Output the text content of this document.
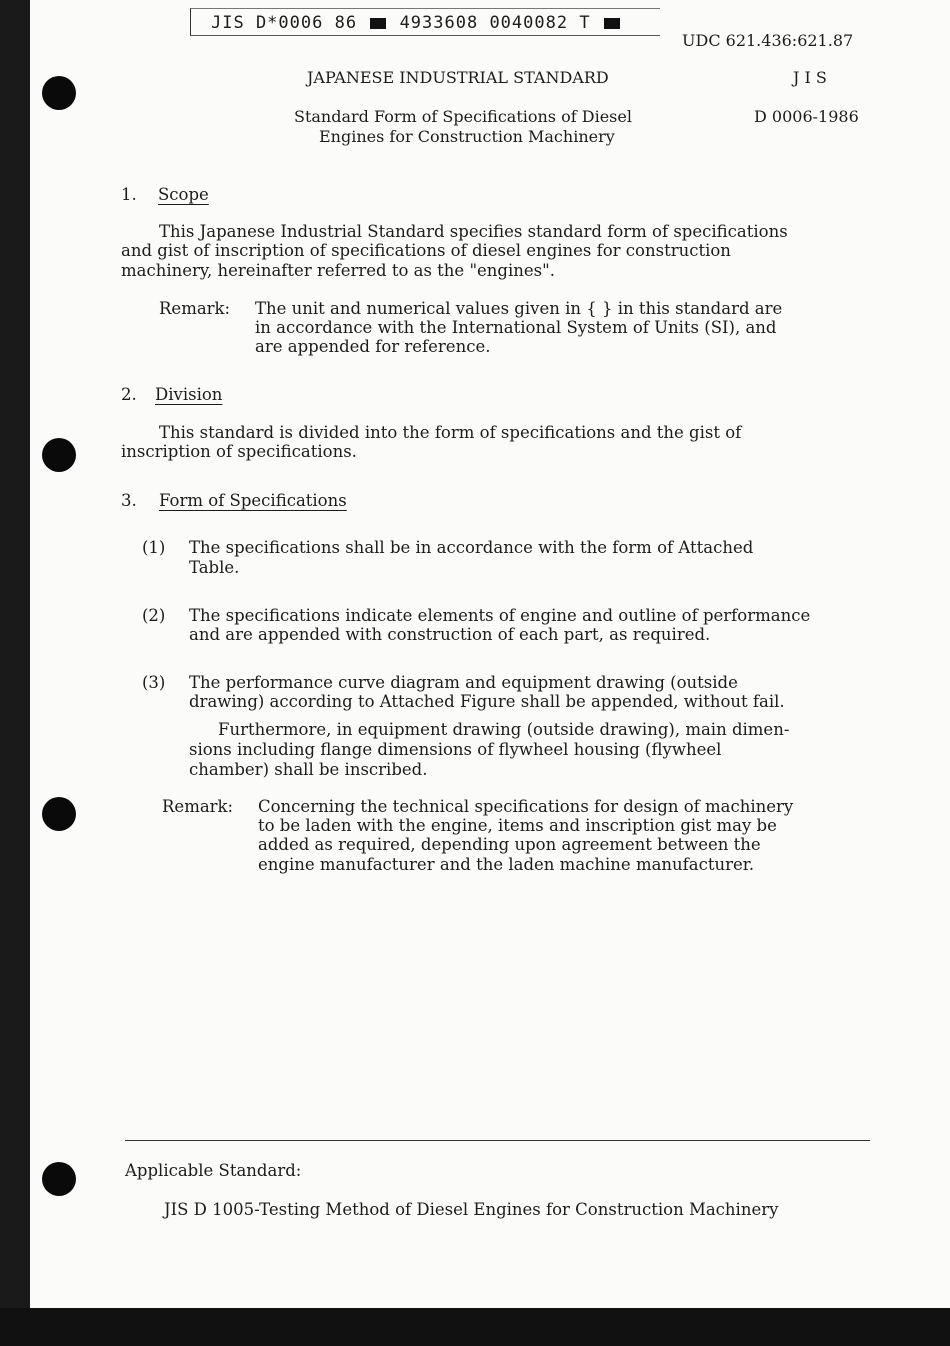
JIS D*0006 86	4933608 0040082 T
UDC 621.436:621.87
JAPANESE INDUSTRIAL STANDARD	J I S
Standard Form of Specifications of Diesel	D 0006-1986
Engines for Construction Machinery
1. Scope
This Japanese Industrial Standard specifies standard form of specifications
and gist of inscription of specifications of diesel engines for construction
machinery, hereinafter referred to as the "engines".
Remark: The unit and numerical values given in { } in this standard are
in accordance with the International System of Units (SI), and
are appended for reference.
2. Division
This standard is divided into the form of specifications and the gist of
inscription of specifications.
3. Form of Specifications
(1) The specifications shall be in accordance with the form of Attached
Table.
(2) The specifications indicate elements of engine and outline of performance
and are appended with construction of each part, as required.
(3) The performance curve diagram and equipment drawing (outside
drawing) according to Attached Figure shall be appended, without fail.
Furthermore, in equipment drawing (outside drawing), main dimen-
sions including flange dimensions of flywheel housing (flywheel
chamber) shall be inscribed.
Remark: Concerning the technical specifications for design of machinery
to be laden with the engine, items and inscription gist may be
added as required, depending upon agreement between the
engine manufacturer and the laden machine manufacturer.
Applicable Standard:
JIS D 1005-Testing Method of Diesel Engines for Construction Machinery
